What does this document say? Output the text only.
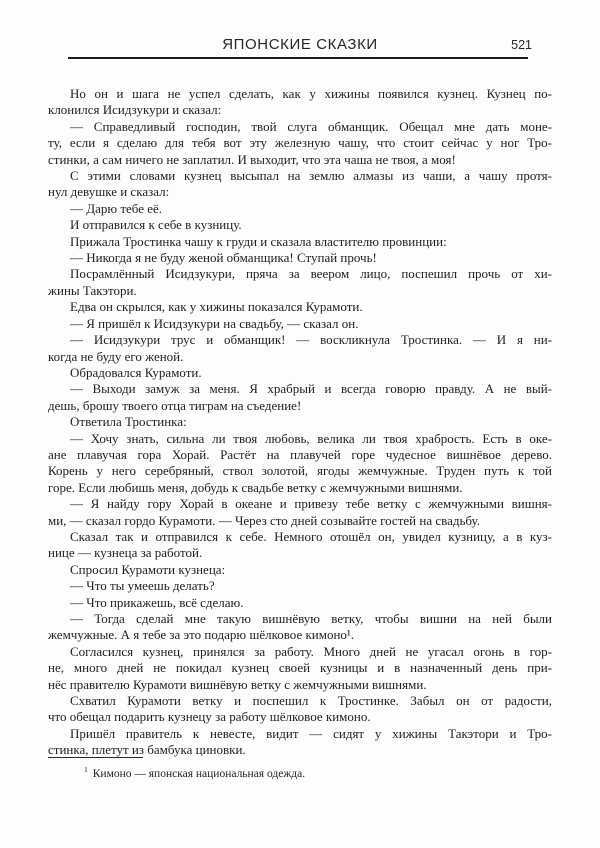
ЯПОНСКИЕ СКАЗКИ	521
Но он и шага не успел сделать, как у хижины появился кузнец. Кузнец по-
клонился Исидзукури и сказал:
— Справедливый господин, твой слуга обманщик. Обещал мне дать моне-
ту, если я сделаю для тебя вот эту железную чашу, что стоит сейчас у ног Тро-
стинки, а сам ничего не заплатил. И выходит, что эта чаша не твоя, а моя!
С этими словами кузнец высыпал на землю алмазы из чаши, а чашу протя-
нул девушке и сказал:
— Дарю тебе её.
И отправился к себе в кузницу.
Прижала Тростинка чашу к груди и сказала властителю провинции:
— Никогда я не буду женой обманщика! Ступай прочь!
Посрамлённый Исидзукури, пряча за веером лицо, поспешил прочь от хи-
жины Такэтори.
Едва он скрылся, как у хижины показался Курамоти.
— Я пришёл к Исидзукури на свадьбу, — сказал он.
— Исидзукури трус и обманщик! — воскликнула Тростинка. — И я ни-
когда не буду его женой.
Обрадовался Курамоти.
— Выходи замуж за меня. Я храбрый и всегда говорю правду. А не вый-
дешь, брошу твоего отца тиграм на съедение!
Ответила Тростинка:
— Хочу знать, сильна ли твоя любовь, велика ли твоя храбрость. Есть в оке-
ане плавучая гора Хорай. Растёт на плавучей горе чудесное вишнёвое дерево.
Корень у него серебряный, ствол золотой, ягоды жемчужные. Труден путь к той
горе. Если любишь меня, добудь к свадьбе ветку с жемчужными вишнями.
— Я найду гору Хорай в океане и привезу тебе ветку с жемчужными вишня-
ми, — сказал гордо Курамоти. — Через сто дней созывайте гостей на свадьбу.
Сказал так и отправился к себе. Немного отошёл он, увидел кузницу, а в куз-
нице — кузнеца за работой.
Спросил Курамоти кузнеца:
— Что ты умеешь делать?
— Что прикажешь, всё сделаю.
— Тогда сделай мне такую вишнёвую ветку, чтобы вишни на ней были
жемчужные. А я тебе за это подарю шёлковое кимоно¹.
Согласился кузнец, принялся за работу. Много дней не угасал огонь в гор-
не, много дней не покидал кузнец своей кузницы и в назначенный день при-
нёс правителю Курамоти вишнёвую ветку с жемчужными вишнями.
Схватил Курамоти ветку и поспешил к Тростинке. Забыл он от радости,
что обещал подарить кузнецу за работу шёлковое кимоно.
Пришёл правитель к невесте, видит — сидят у хижины Такэтори и Тро-
стинка, плетут из бамбука циновки.
$^1$ Кимоно — японская национальная одежда.
